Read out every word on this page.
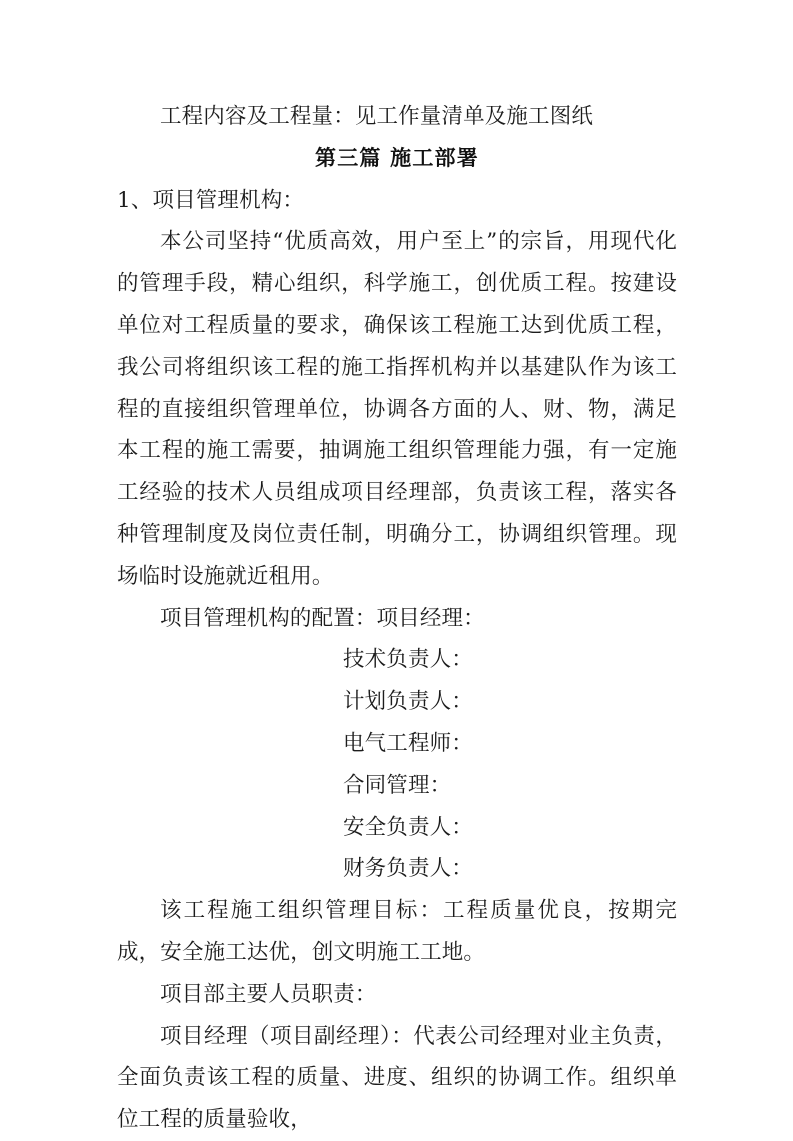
工程内容及工程量：见工作量清单及施工图纸

第三篇 施工部署

1、项目管理机构：

本公司坚持“优质高效，用户至上”的宗旨，用现代化的管理手段，精心组织，科学施工，创优质工程。按建设单位对工程质量的要求，确保该工程施工达到优质工程，我公司将组织该工程的施工指挥机构并以基建队作为该工程的直接组织管理单位，协调各方面的人、财、物，满足本工程的施工需要，抽调施工组织管理能力强，有一定施工经验的技术人员组成项目经理部，负责该工程，落实各种管理制度及岗位责任制，明确分工，协调组织管理。现场临时设施就近租用。

项目管理机构的配置：项目经理：

技术负责人：

计划负责人：

电气工程师：

合同管理：

安全负责人：

财务负责人：

该工程施工组织管理目标：工程质量优良，按期完成，安全施工达优，创文明施工工地。

项目部主要人员职责：

项目经理（项目副经理）：代表公司经理对业主负责，全面负责该工程的质量、进度、组织的协调工作。组织单位工程的质量验收，
